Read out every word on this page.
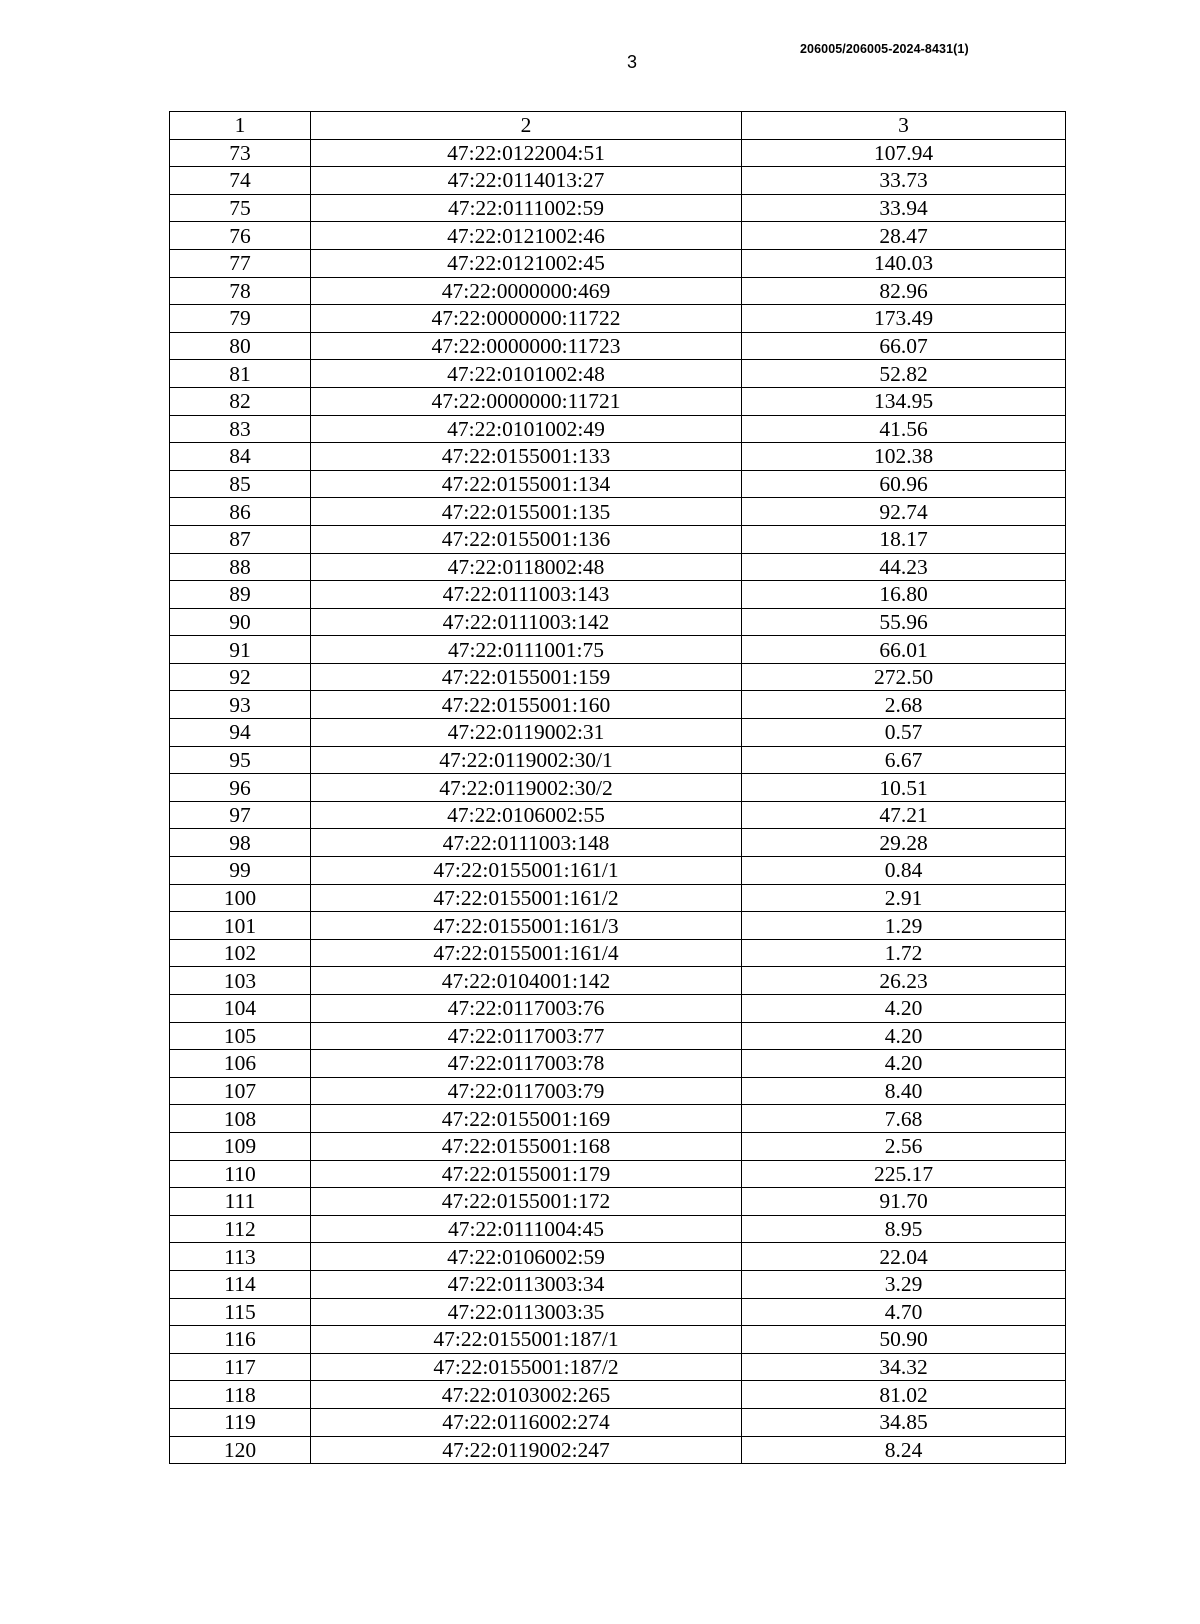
206005/206005-2024-8431(1)
3
1	2	3
73	47:22:0122004:51	107.94
74	47:22:0114013:27	33.73
75	47:22:0111002:59	33.94
76	47:22:0121002:46	28.47
77	47:22:0121002:45	140.03
78	47:22:0000000:469	82.96
79	47:22:0000000:11722	173.49
80	47:22:0000000:11723	66.07
81	47:22:0101002:48	52.82
82	47:22:0000000:11721	134.95
83	47:22:0101002:49	41.56
84	47:22:0155001:133	102.38
85	47:22:0155001:134	60.96
86	47:22:0155001:135	92.74
87	47:22:0155001:136	18.17
88	47:22:0118002:48	44.23
89	47:22:0111003:143	16.80
90	47:22:0111003:142	55.96
91	47:22:0111001:75	66.01
92	47:22:0155001:159	272.50
93	47:22:0155001:160	2.68
94	47:22:0119002:31	0.57
95	47:22:0119002:30/1	6.67
96	47:22:0119002:30/2	10.51
97	47:22:0106002:55	47.21
98	47:22:0111003:148	29.28
99	47:22:0155001:161/1	0.84
100	47:22:0155001:161/2	2.91
101	47:22:0155001:161/3	1.29
102	47:22:0155001:161/4	1.72
103	47:22:0104001:142	26.23
104	47:22:0117003:76	4.20
105	47:22:0117003:77	4.20
106	47:22:0117003:78	4.20
107	47:22:0117003:79	8.40
108	47:22:0155001:169	7.68
109	47:22:0155001:168	2.56
110	47:22:0155001:179	225.17
111	47:22:0155001:172	91.70
112	47:22:0111004:45	8.95
113	47:22:0106002:59	22.04
114	47:22:0113003:34	3.29
115	47:22:0113003:35	4.70
116	47:22:0155001:187/1	50.90
117	47:22:0155001:187/2	34.32
118	47:22:0103002:265	81.02
119	47:22:0116002:274	34.85
120	47:22:0119002:247	8.24
